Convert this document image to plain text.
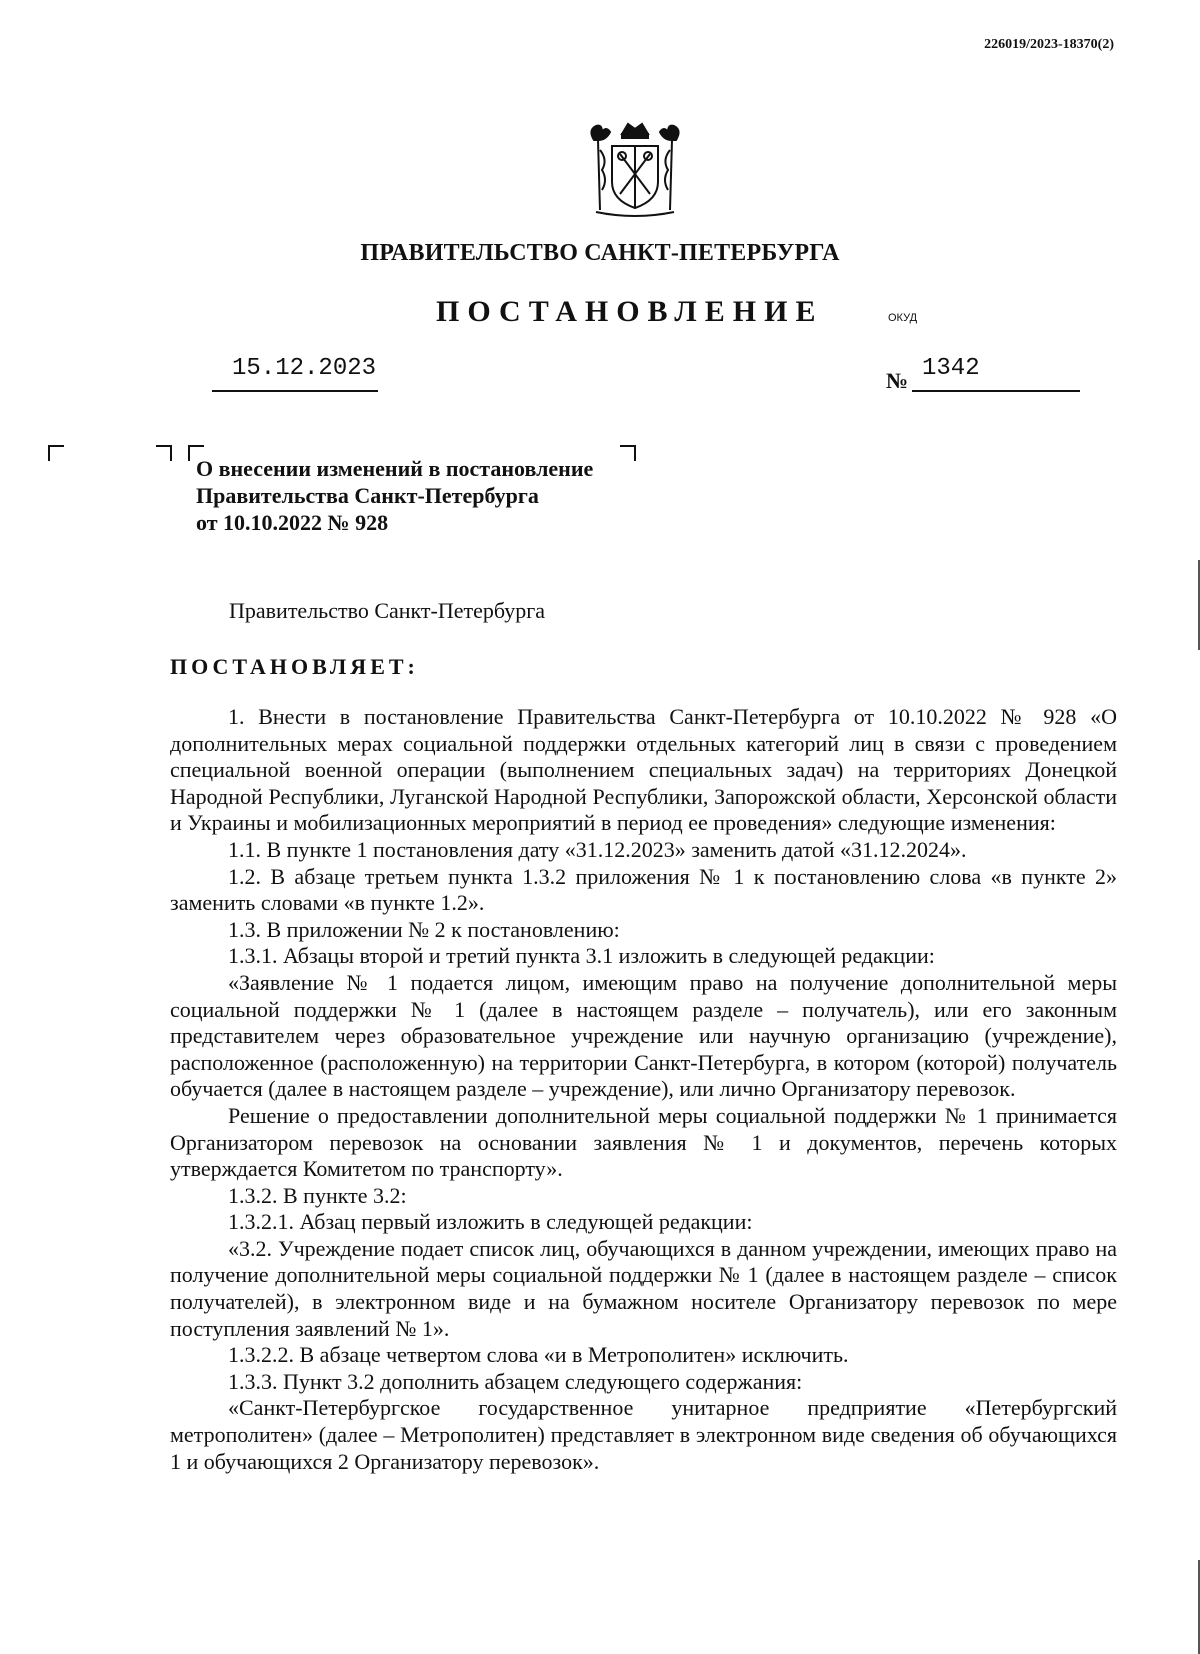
226019/2023-18370(2)
ПРАВИТЕЛЬСТВО САНКТ-ПЕТЕРБУРГА
ПОСТАНОВЛЕНИЕ	ОКУД
15.12.2023	№ 1342
О внесении изменений в постановление
Правительства Санкт-Петербурга
от 10.10.2022 № 928
Правительство Санкт-Петербурга
ПОСТАНОВЛЯЕТ:

1. Внести в постановление Правительства Санкт-Петербурга от 10.10.2022 № 928 «О дополнительных мерах социальной поддержки отдельных категорий лиц в связи с проведением специальной военной операции (выполнением специальных задач) на территориях Донецкой Народной Республики, Луганской Народной Республики, Запорожской области, Херсонской области и Украины и мобилизационных мероприятий в период ее проведения» следующие изменения:

1.1. В пункте 1 постановления дату «31.12.2023» заменить датой «31.12.2024».

1.2. В абзаце третьем пункта 1.3.2 приложения № 1 к постановлению слова «в пункте 2» заменить словами «в пункте 1.2».

1.3. В приложении № 2 к постановлению:

1.3.1. Абзацы второй и третий пункта 3.1 изложить в следующей редакции:

«Заявление № 1 подается лицом, имеющим право на получение дополнительной меры социальной поддержки № 1 (далее в настоящем разделе – получатель), или его законным представителем через образовательное учреждение или научную организацию (учреждение), расположенное (расположенную) на территории Санкт-Петербурга, в котором (которой) получатель обучается (далее в настоящем разделе – учреждение), или лично Организатору перевозок.

Решение о предоставлении дополнительной меры социальной поддержки № 1 принимается Организатором перевозок на основании заявления № 1 и документов, перечень которых утверждается Комитетом по транспорту».

1.3.2. В пункте 3.2:

1.3.2.1. Абзац первый изложить в следующей редакции:

«3.2. Учреждение подает список лиц, обучающихся в данном учреждении, имеющих право на получение дополнительной меры социальной поддержки № 1 (далее в настоящем разделе – список получателей), в электронном виде и на бумажном носителе Организатору перевозок по мере поступления заявлений № 1».

1.3.2.2. В абзаце четвертом слова «и в Метрополитен» исключить.

1.3.3. Пункт 3.2 дополнить абзацем следующего содержания:

«Санкт-Петербургское государственное унитарное предприятие «Петербургский метрополитен» (далее – Метрополитен) представляет в электронном виде сведения об обучающихся 1 и обучающихся 2 Организатору перевозок».
